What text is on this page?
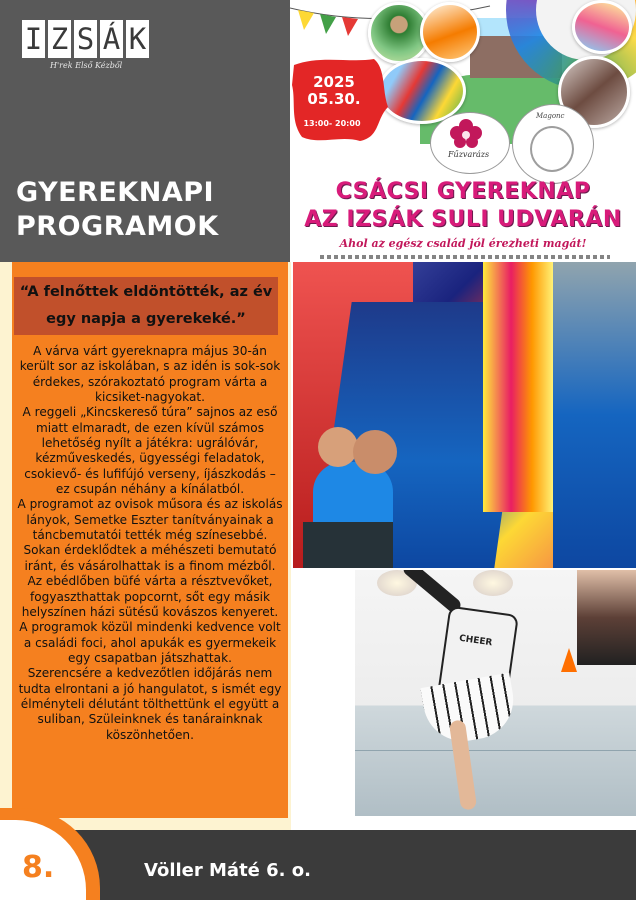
I Z S Á K
H'rek Első Kézből
GYEREKNAPI
PROGRAMOK
2025 05.30.
13:00- 20:00
Fűzvarázs
Magonc
CSÁCSI GYEREKNAP
AZ IZSÁK SULI UDVARÁN
Ahol az egész család jól érezheti magát!
“A felnőttek eldöntötték, az év
egy napja a gyerekeké.”

A várva várt gyereknapra május 30-án került sor az iskolában, s az idén is sok-sok érdekes, szórakoztató program várta a kicsiket-nagyokat.

A reggeli „Kincskereső túra” sajnos az eső miatt elmaradt, de ezen kívül számos lehetőség nyílt a játékra: ugrálóvár, kézműveskedés, ügyességi feladatok, csokievő- és lufifújó verseny, íjászkodás – ez csupán néhány a kínálatból.

A programot az ovisok műsora és az iskolás lányok, Semetke Eszter tanítványainak a táncbemutatói tették még színesebbé. Sokan érdeklődtek a méhészeti bemutató iránt, és vásárolhattak is a finom mézből.

Az ebédlőben büfé várta a résztvevőket, fogyaszthattak popcornt, sőt egy másik helyszínen házi sütésű kovászos kenyeret.

A programok közül mindenki kedvence volt a családi foci, ahol apukák es gyermekeik egy csapatban játszhattak.

Szerencsére a kedvezőtlen időjárás nem tudta elrontani a jó hangulatot, s ismét egy élményteli délutánt tölthettünk el együtt a suliban, Szüleinknek és tanárainknak köszönhetően.

CHEER
8.	Völler Máté 6. o.
